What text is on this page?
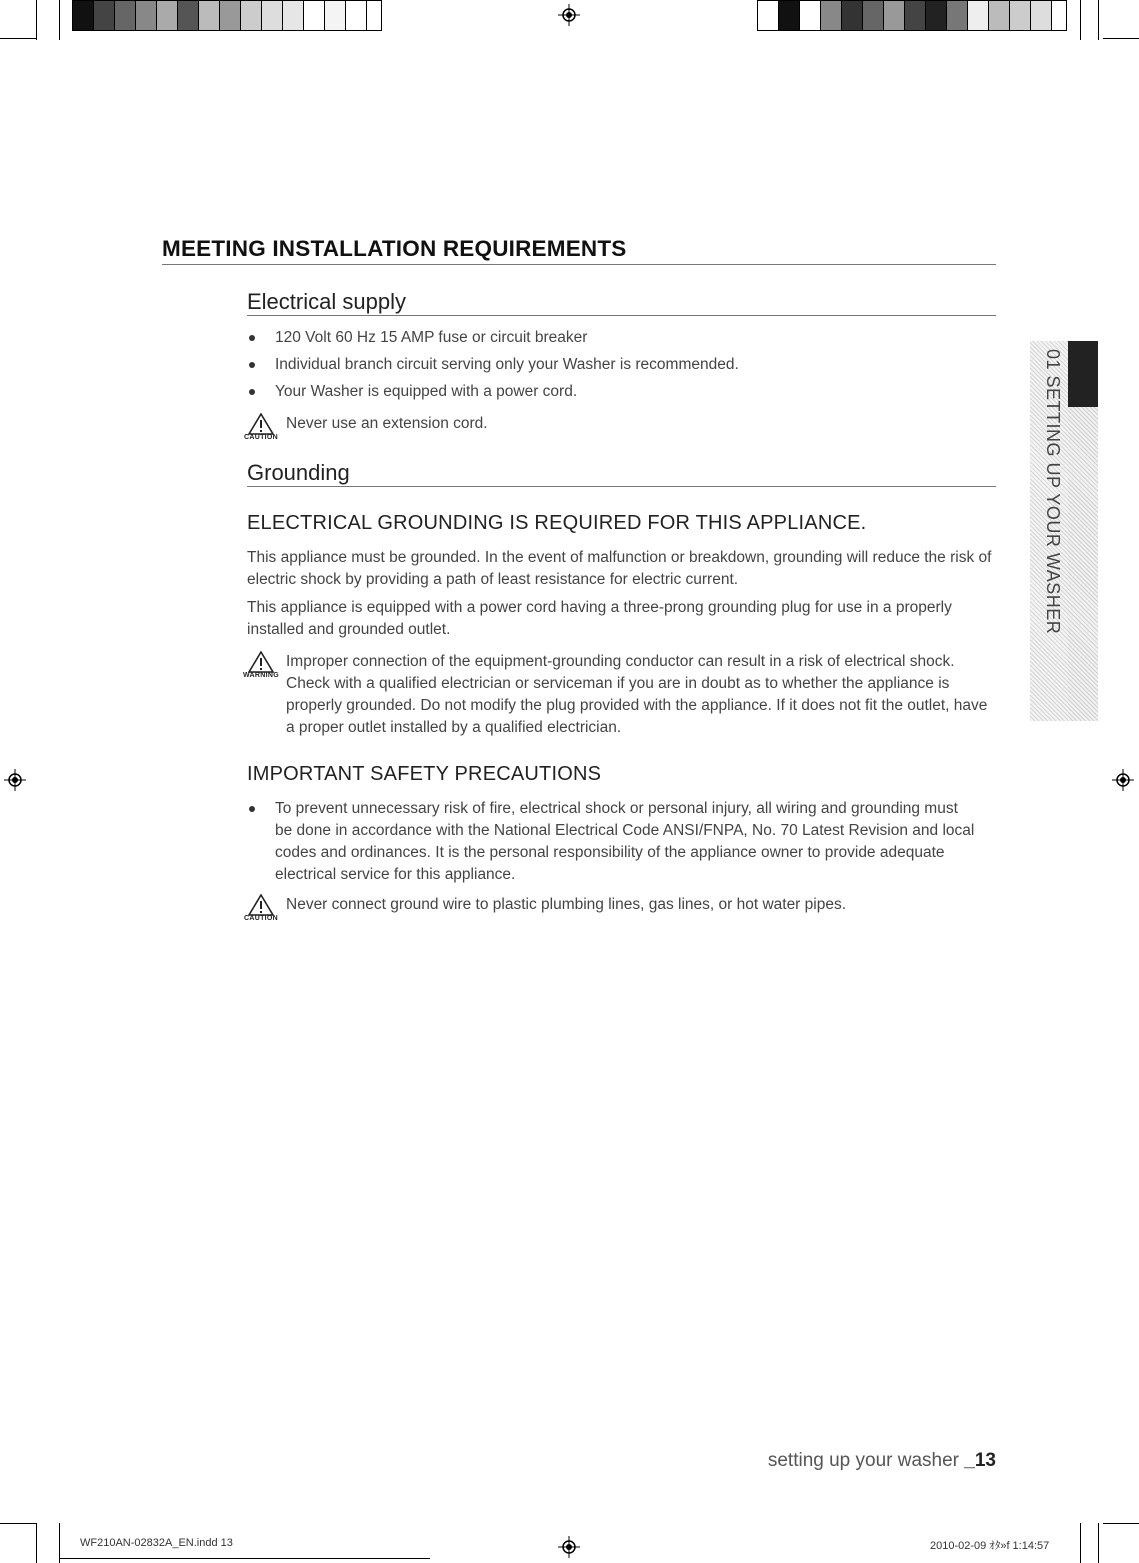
MEETING INSTALLATION REQUIREMENTS
Electrical supply
120 Volt 60 Hz 15 AMP fuse or circuit breaker
Individual branch circuit serving only your Washer is recommended.
Your Washer is equipped with a power cord.
CAUTION
Never use an extension cord.
Grounding
ELECTRICAL GROUNDING IS REQUIRED FOR THIS APPLIANCE.

This appliance must be grounded. In the event of malfunction or breakdown, grounding will reduce the risk of electric shock by providing a path of least resistance for electric current.

This appliance is equipped with a power cord having a three-prong grounding plug for use in a properly installed and grounded outlet.

WARNING
Improper connection of the equipment-grounding conductor can result in a risk of electrical shock. Check with a qualified electrician or serviceman if you are in doubt as to whether the appliance is properly grounded. Do not modify the plug provided with the appliance. If it does not fit the outlet, have a proper outlet installed by a qualified electrician.
IMPORTANT SAFETY PRECAUTIONS
To prevent unnecessary risk of fire, electrical shock or personal injury, all wiring and grounding must be done in accordance with the National Electrical Code ANSI/FNPA, No. 70 Latest Revision and local codes and ordinances. It is the personal responsibility of the appliance owner to provide adequate electrical service for this appliance.
CAUTION
Never connect ground wire to plastic plumbing lines, gas lines, or hot water pipes.
01 SETTING UP YOUR WASHER
setting up your washer _13
WF210AN-02832A_EN.indd 13	2010-02-09 ｵﾀ»f 1:14:57
